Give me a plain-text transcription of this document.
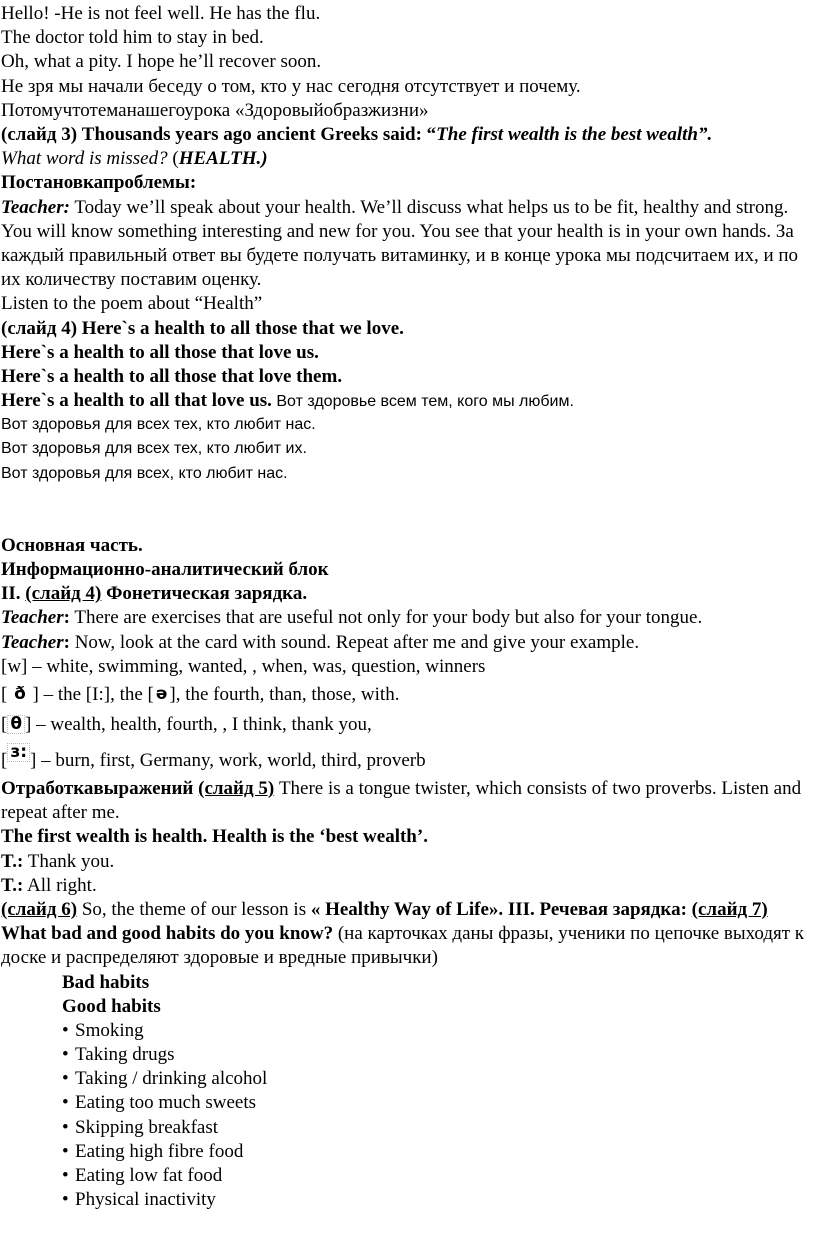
Hello! -He is not feel well. He has the flu.
The doctor told him to stay in bed.
Oh, what a pity. I hope he’ll recover soon.
Не зря мы начали беседу о том, кто у нас сегодня отсутствует и почему.
Потомучтотеманашегоурока «Здоровыйобразжизни»
(слайд 3) Thousands years ago ancient Greeks said: “The first wealth is the best wealth”.
What word is missed? (HEALTH.)
Постановкапроблемы:
Teacher: Today we’ll speak about your health. We’ll discuss what helps us to be fit, healthy and strong. You will know something interesting and new for you. You see that your health is in your own hands. За каждый правильный ответ вы будете получать витаминку, и в конце урока мы подсчитаем их, и по их количеству поставим оценку.
Listen to the poem about “Health”
(слайд 4) Here`s a health to all those that we love.
Here`s a health to all those that love us.
Here`s a health to all those that love them.
Here`s a health to all that love us. Вот здоровье всем тем, кого мы любим.
Вот здоровья для всех тех, кто любит нас.
Вот здоровья для всех тех, кто любит их.
Вот здоровья для всех, кто любит нас.
Основная часть.
Информационно-аналитический блок
II. (слайд 4) Фонетическая зарядка.
Teacher: There are exercises that are useful not only for your body but also for your tongue.
Teacher: Now, look at the card with sound. Repeat after me and give your example.
[w] – white, swimming, wanted, , when, was, question, winners
[ ð ] – the [I:], the [ ə ], the fourth, than, those, with.
[ θ ] – wealth, health, fourth, , I think, thank you,
[ з: ] – burn, first, Germany, work, world, third, proverb
Отработкавыражений (слайд 5) There is a tongue twister, which consists of two proverbs. Listen and repeat after me.
The first wealth is health. Health is the ‘best wealth’.
T.: Thank you.
T.: All right.
(слайд 6) So, the theme of our lesson is « Healthy Way of Life». III. Речевая зарядка: (слайд 7) What bad and good habits do you know? (на карточках даны фразы, ученики по цепочке выходят к доске и распределяют здоровые и вредные привычки)
Bad habits
Good habits
• Smoking
• Taking drugs
• Taking / drinking alcohol
• Eating too much sweets
• Skipping breakfast
• Eating high fibre food
• Eating low fat food
• Physical inactivity
